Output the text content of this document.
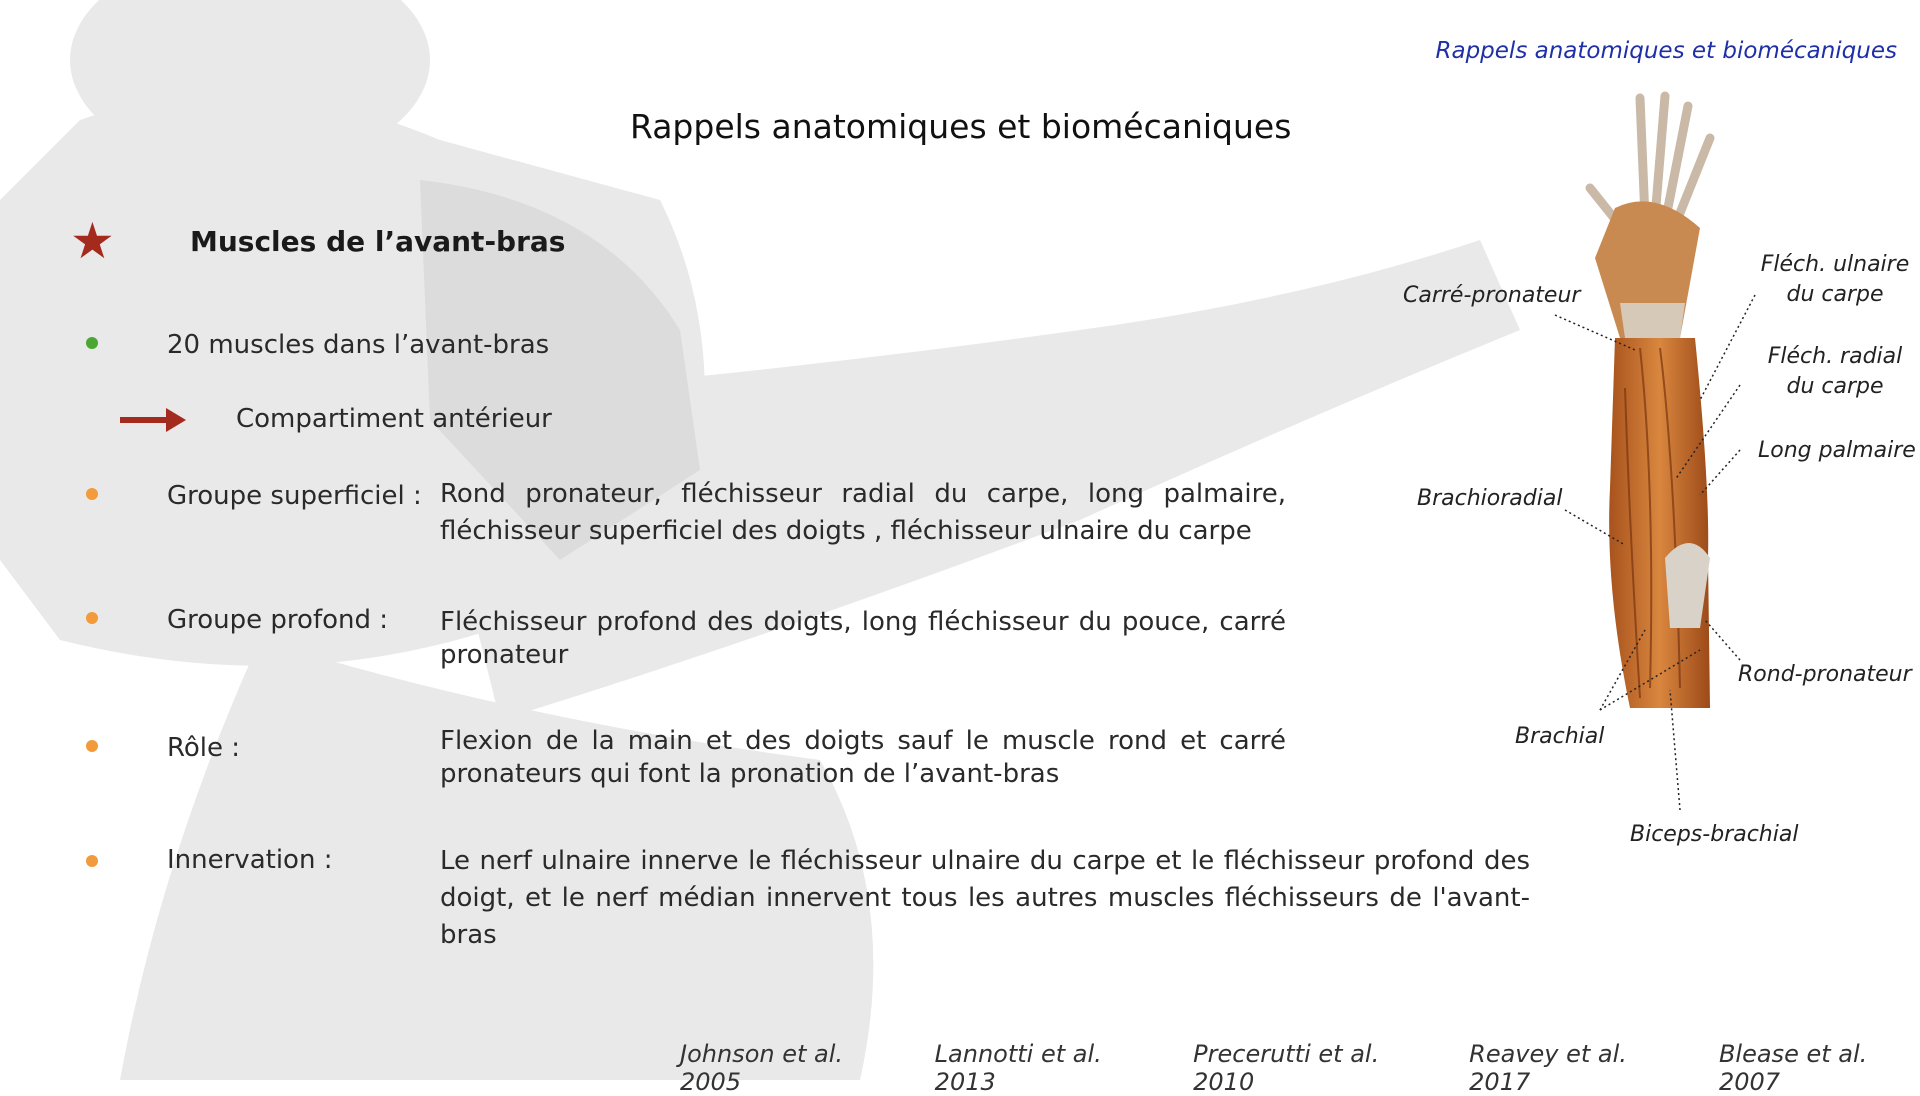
Rappels anatomiques et biomécaniques
Rappels anatomiques et biomécaniques
★	Muscles de l’avant-bras
20 muscles dans l’avant-bras
Compartiment antérieur
Groupe superficiel : Rond pronateur, fléchisseur radial du carpe, long palmaire, fléchisseur superficiel des doigts , fléchisseur ulnaire du carpe
Groupe profond : Fléchisseur profond des doigts, long fléchisseur du pouce, carré pronateur
Rôle :	Flexion de la main et des doigts sauf le muscle rond et carré pronateurs qui font la pronation de l’avant-bras
Innervation :	Le nerf ulnaire innerve le fléchisseur ulnaire du carpe et le fléchisseur profond des doigt, et le nerf médian innervent tous les autres muscles fléchisseurs de l'avant-bras
Carré-pronateur
Fléch. ulnaire du carpe
Fléch. radial du carpe
Long palmaire
Brachioradial
Rond-pronateur
Brachial
Biceps-brachial
Johnson et al. 2005
Lannotti et al. 2013
Precerutti et al. 2010
Reavey et al. 2017
Blease et al. 2007
